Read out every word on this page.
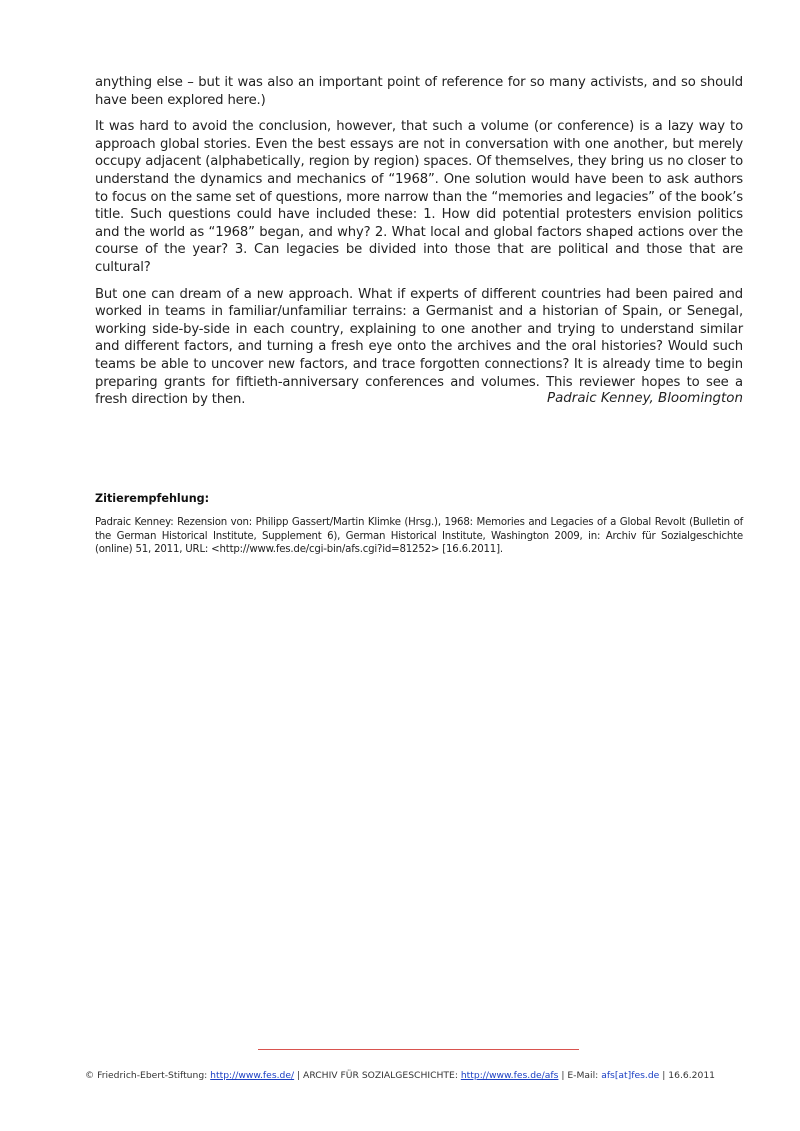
anything else – but it was also an important point of reference for so many activists, and so should have been explored here.)

It was hard to avoid the conclusion, however, that such a volume (or conference) is a lazy way to approach global stories. Even the best essays are not in conversation with one another, but merely occupy adjacent (alphabetically, region by region) spaces. Of themselves, they bring us no closer to understand the dynamics and mechanics of “1968”. One solution would have been to ask authors to focus on the same set of questions, more narrow than the “memories and legacies” of the book’s title. Such questions could have included these: 1. How did potential protesters envision politics and the world as “1968” began, and why? 2. What local and global factors shaped actions over the course of the year? 3. Can legacies be divided into those that are political and those that are cultural?

But one can dream of a new approach. What if experts of different countries had been paired and worked in teams in familiar/unfamiliar terrains: a Germanist and a historian of Spain, or Senegal, working side-by-side in each country, explaining to one another and trying to understand similar and different factors, and turning a fresh eye onto the archives and the oral histories? Would such teams be able to uncover new factors, and trace forgotten connections? It is already time to begin preparing grants for fiftieth-anniversary conferences and volumes. This reviewer hopes to see a fresh direction by then.	Padraic Kenney, Bloomington

Zitierempfehlung:

Padraic Kenney: Rezension von: Philipp Gassert/Martin Klimke (Hrsg.), 1968: Memories and Legacies of a Global Revolt (Bulletin of the German Historical Institute, Supplement 6), German Historical Institute, Washington 2009, in: Archiv für Sozialgeschichte (online) 51, 2011, URL: <http://www.fes.de/cgi-bin/afs.cgi?id=81252> [16.6.2011].

© Friedrich-Ebert-Stiftung: http://www.fes.de/ | ARCHIV FÜR SOZIALGESCHICHTE: http://www.fes.de/afs | E-Mail: afs[at]fes.de | 16.6.2011
